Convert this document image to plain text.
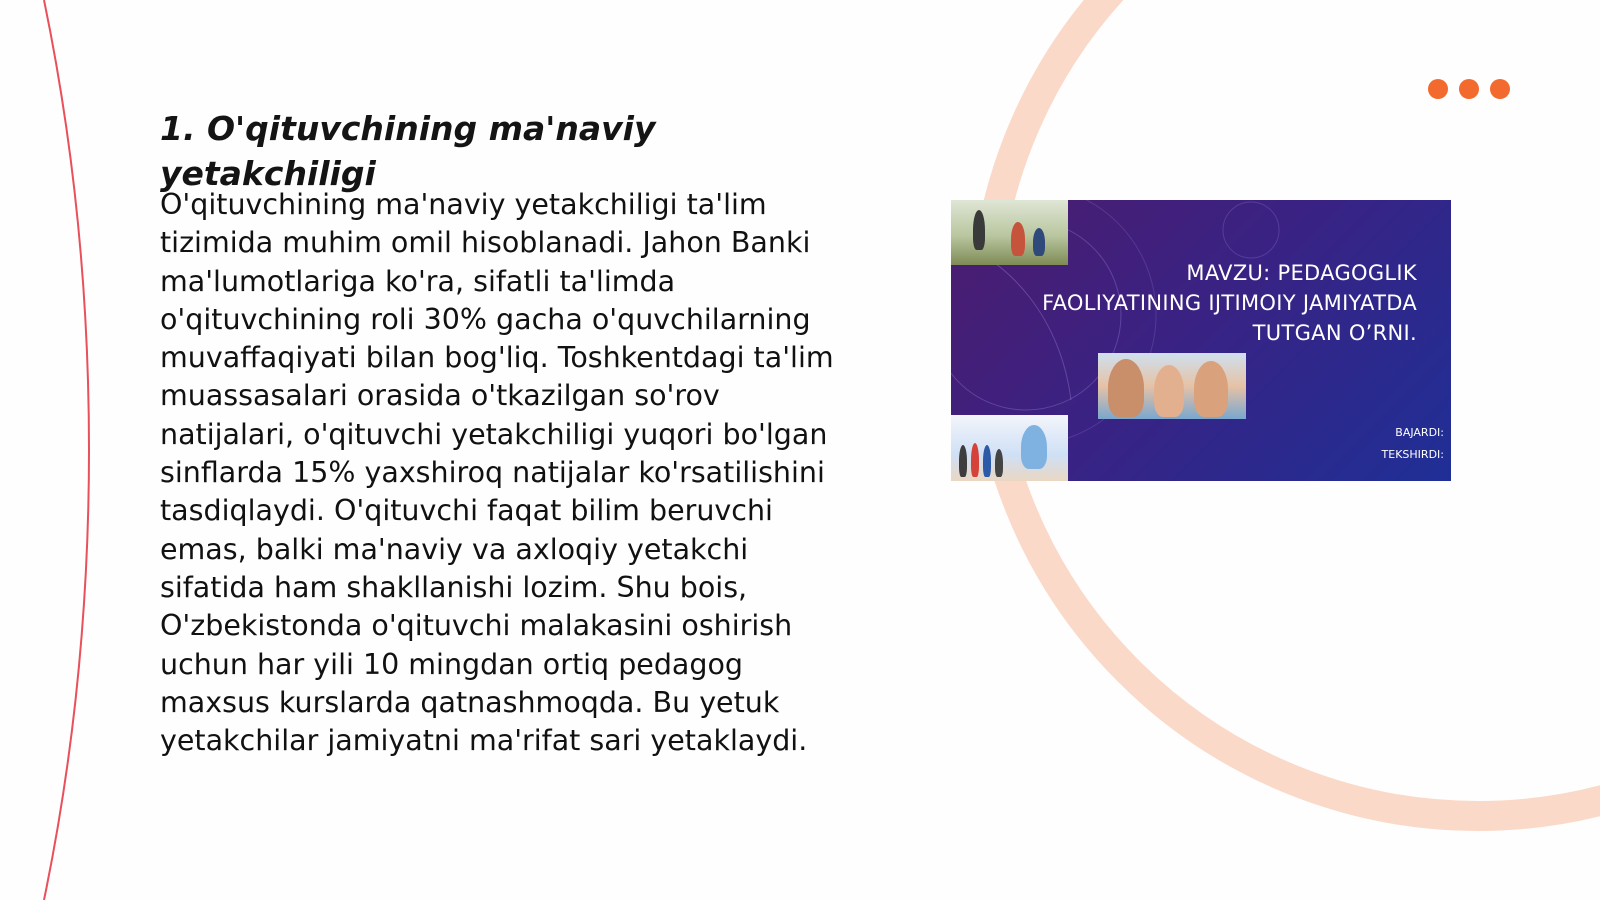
1. O'qituvchining ma'naviy yetakchiligi

O'qituvchining ma'naviy yetakchiligi ta'lim tizimida muhim omil hisoblanadi. Jahon Banki ma'lumotlariga ko'ra, sifatli ta'limda o'qituvchining roli 30% gacha o'quvchilarning muvaffaqiyati bilan bog'liq. Toshkentdagi ta'lim muassasalari orasida o'tkazilgan so'rov natijalari, o'qituvchi yetakchiligi yuqori bo'lgan sinflarda 15% yaxshiroq natijalar ko'rsatilishini tasdiqlaydi. O'qituvchi faqat bilim beruvchi emas, balki ma'naviy va axloqiy yetakchi sifatida ham shakllanishi lozim. Shu bois, O'zbekistonda o'qituvchi malakasini oshirish uchun har yili 10 mingdan ortiq pedagog maxsus kurslarda qatnashmoqda. Bu yetuk yetakchilar jamiyatni ma'rifat sari yetaklaydi.

MAVZU: PEDAGOGLIK FAOLIYATINING IJTIMOIY JAMIYATDA TUTGAN O’RNI.

BAJARDI:
TEKSHIRDI:
